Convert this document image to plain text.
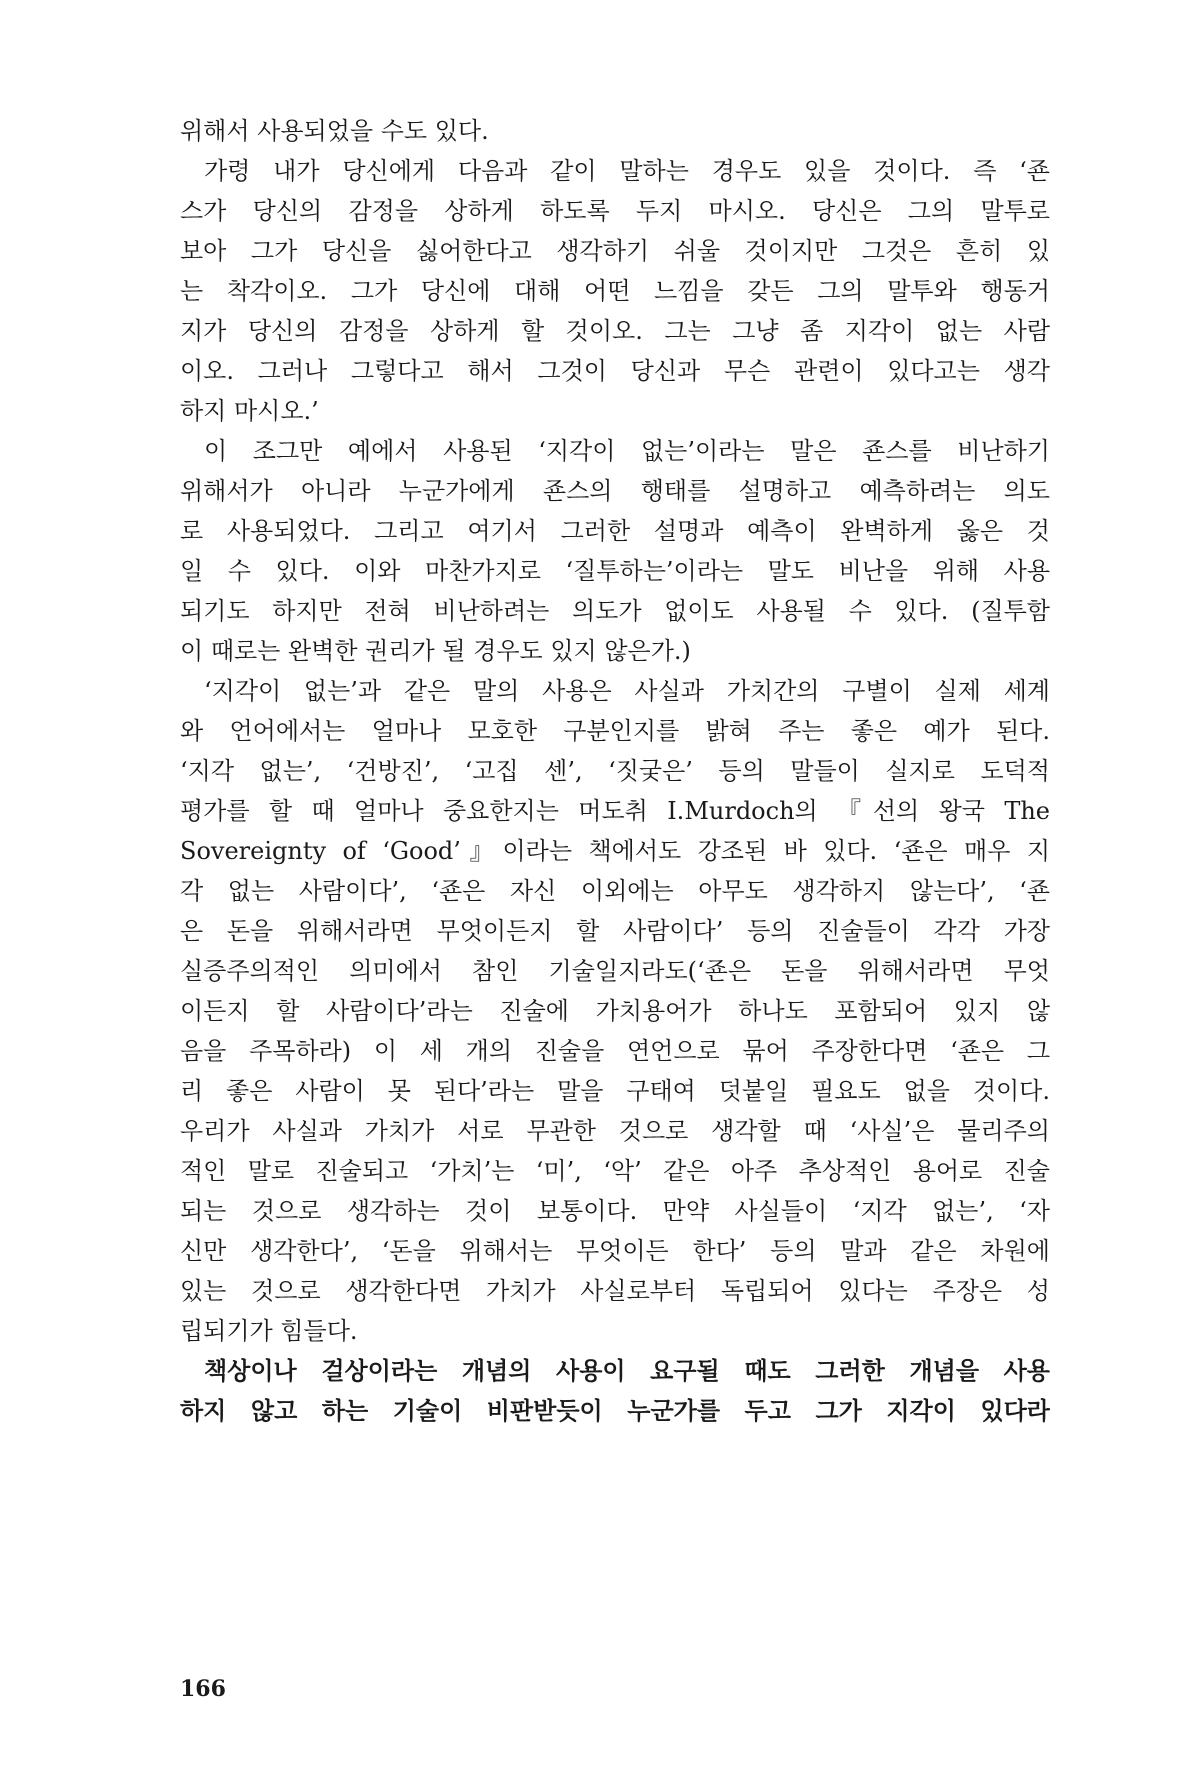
위해서 사용되었을 수도 있다.
가령 내가 당신에게 다음과 같이 말하는 경우도 있을 것이다. 즉 ‘죤
스가 당신의 감정을 상하게 하도록 두지 마시오. 당신은 그의 말투로
보아 그가 당신을 싫어한다고 생각하기 쉬울 것이지만 그것은 흔히 있
는 착각이오. 그가 당신에 대해 어떤 느낌을 갖든 그의 말투와 행동거
지가 당신의 감정을 상하게 할 것이오. 그는 그냥 좀 지각이 없는 사람
이오. 그러나 그렇다고 해서 그것이 당신과 무슨 관련이 있다고는 생각
하지 마시오.’
이 조그만 예에서 사용된 ‘지각이 없는’이라는 말은 죤스를 비난하기
위해서가 아니라 누군가에게 죤스의 행태를 설명하고 예측하려는 의도
로 사용되었다. 그리고 여기서 그러한 설명과 예측이 완벽하게 옳은 것
일 수 있다. 이와 마찬가지로 ‘질투하는’이라는 말도 비난을 위해 사용
되기도 하지만 전혀 비난하려는 의도가 없이도 사용될 수 있다. (질투함
이 때로는 완벽한 권리가 될 경우도 있지 않은가.)
‘지각이 없는’과 같은 말의 사용은 사실과 가치간의 구별이 실제 세계
와 언어에서는 얼마나 모호한 구분인지를 밝혀 주는 좋은 예가 된다.
‘지각 없는’, ‘건방진’, ‘고집 센’, ‘짓궂은’ 등의 말들이 실지로 도덕적
평가를 할 때 얼마나 중요한지는 머도취 I.Murdoch의 『선의 왕국 The
Sovereignty of ‘Good’』이라는 책에서도 강조된 바 있다. ‘죤은 매우 지
각 없는 사람이다’, ‘죤은 자신 이외에는 아무도 생각하지 않는다’, ‘죤
은 돈을 위해서라면 무엇이든지 할 사람이다’ 등의 진술들이 각각 가장
실증주의적인 의미에서 참인 기술일지라도(‘죤은 돈을 위해서라면 무엇
이든지 할 사람이다’라는 진술에 가치용어가 하나도 포함되어 있지 않
음을 주목하라) 이 세 개의 진술을 연언으로 묶어 주장한다면 ‘죤은 그
리 좋은 사람이 못 된다’라는 말을 구태여 덧붙일 필요도 없을 것이다.
우리가 사실과 가치가 서로 무관한 것으로 생각할 때 ‘사실’은 물리주의
적인 말로 진술되고 ‘가치’는 ‘미’, ‘악’ 같은 아주 추상적인 용어로 진술
되는 것으로 생각하는 것이 보통이다. 만약 사실들이 ‘지각 없는’, ‘자
신만 생각한다’, ‘돈을 위해서는 무엇이든 한다’ 등의 말과 같은 차원에
있는 것으로 생각한다면 가치가 사실로부터 독립되어 있다는 주장은 성
립되기가 힘들다.
책상이나 걸상이라는 개념의 사용이 요구될 때도 그러한 개념을 사용
하지 않고 하는 기술이 비판받듯이 누군가를 두고 그가 지각이 있다라
166
